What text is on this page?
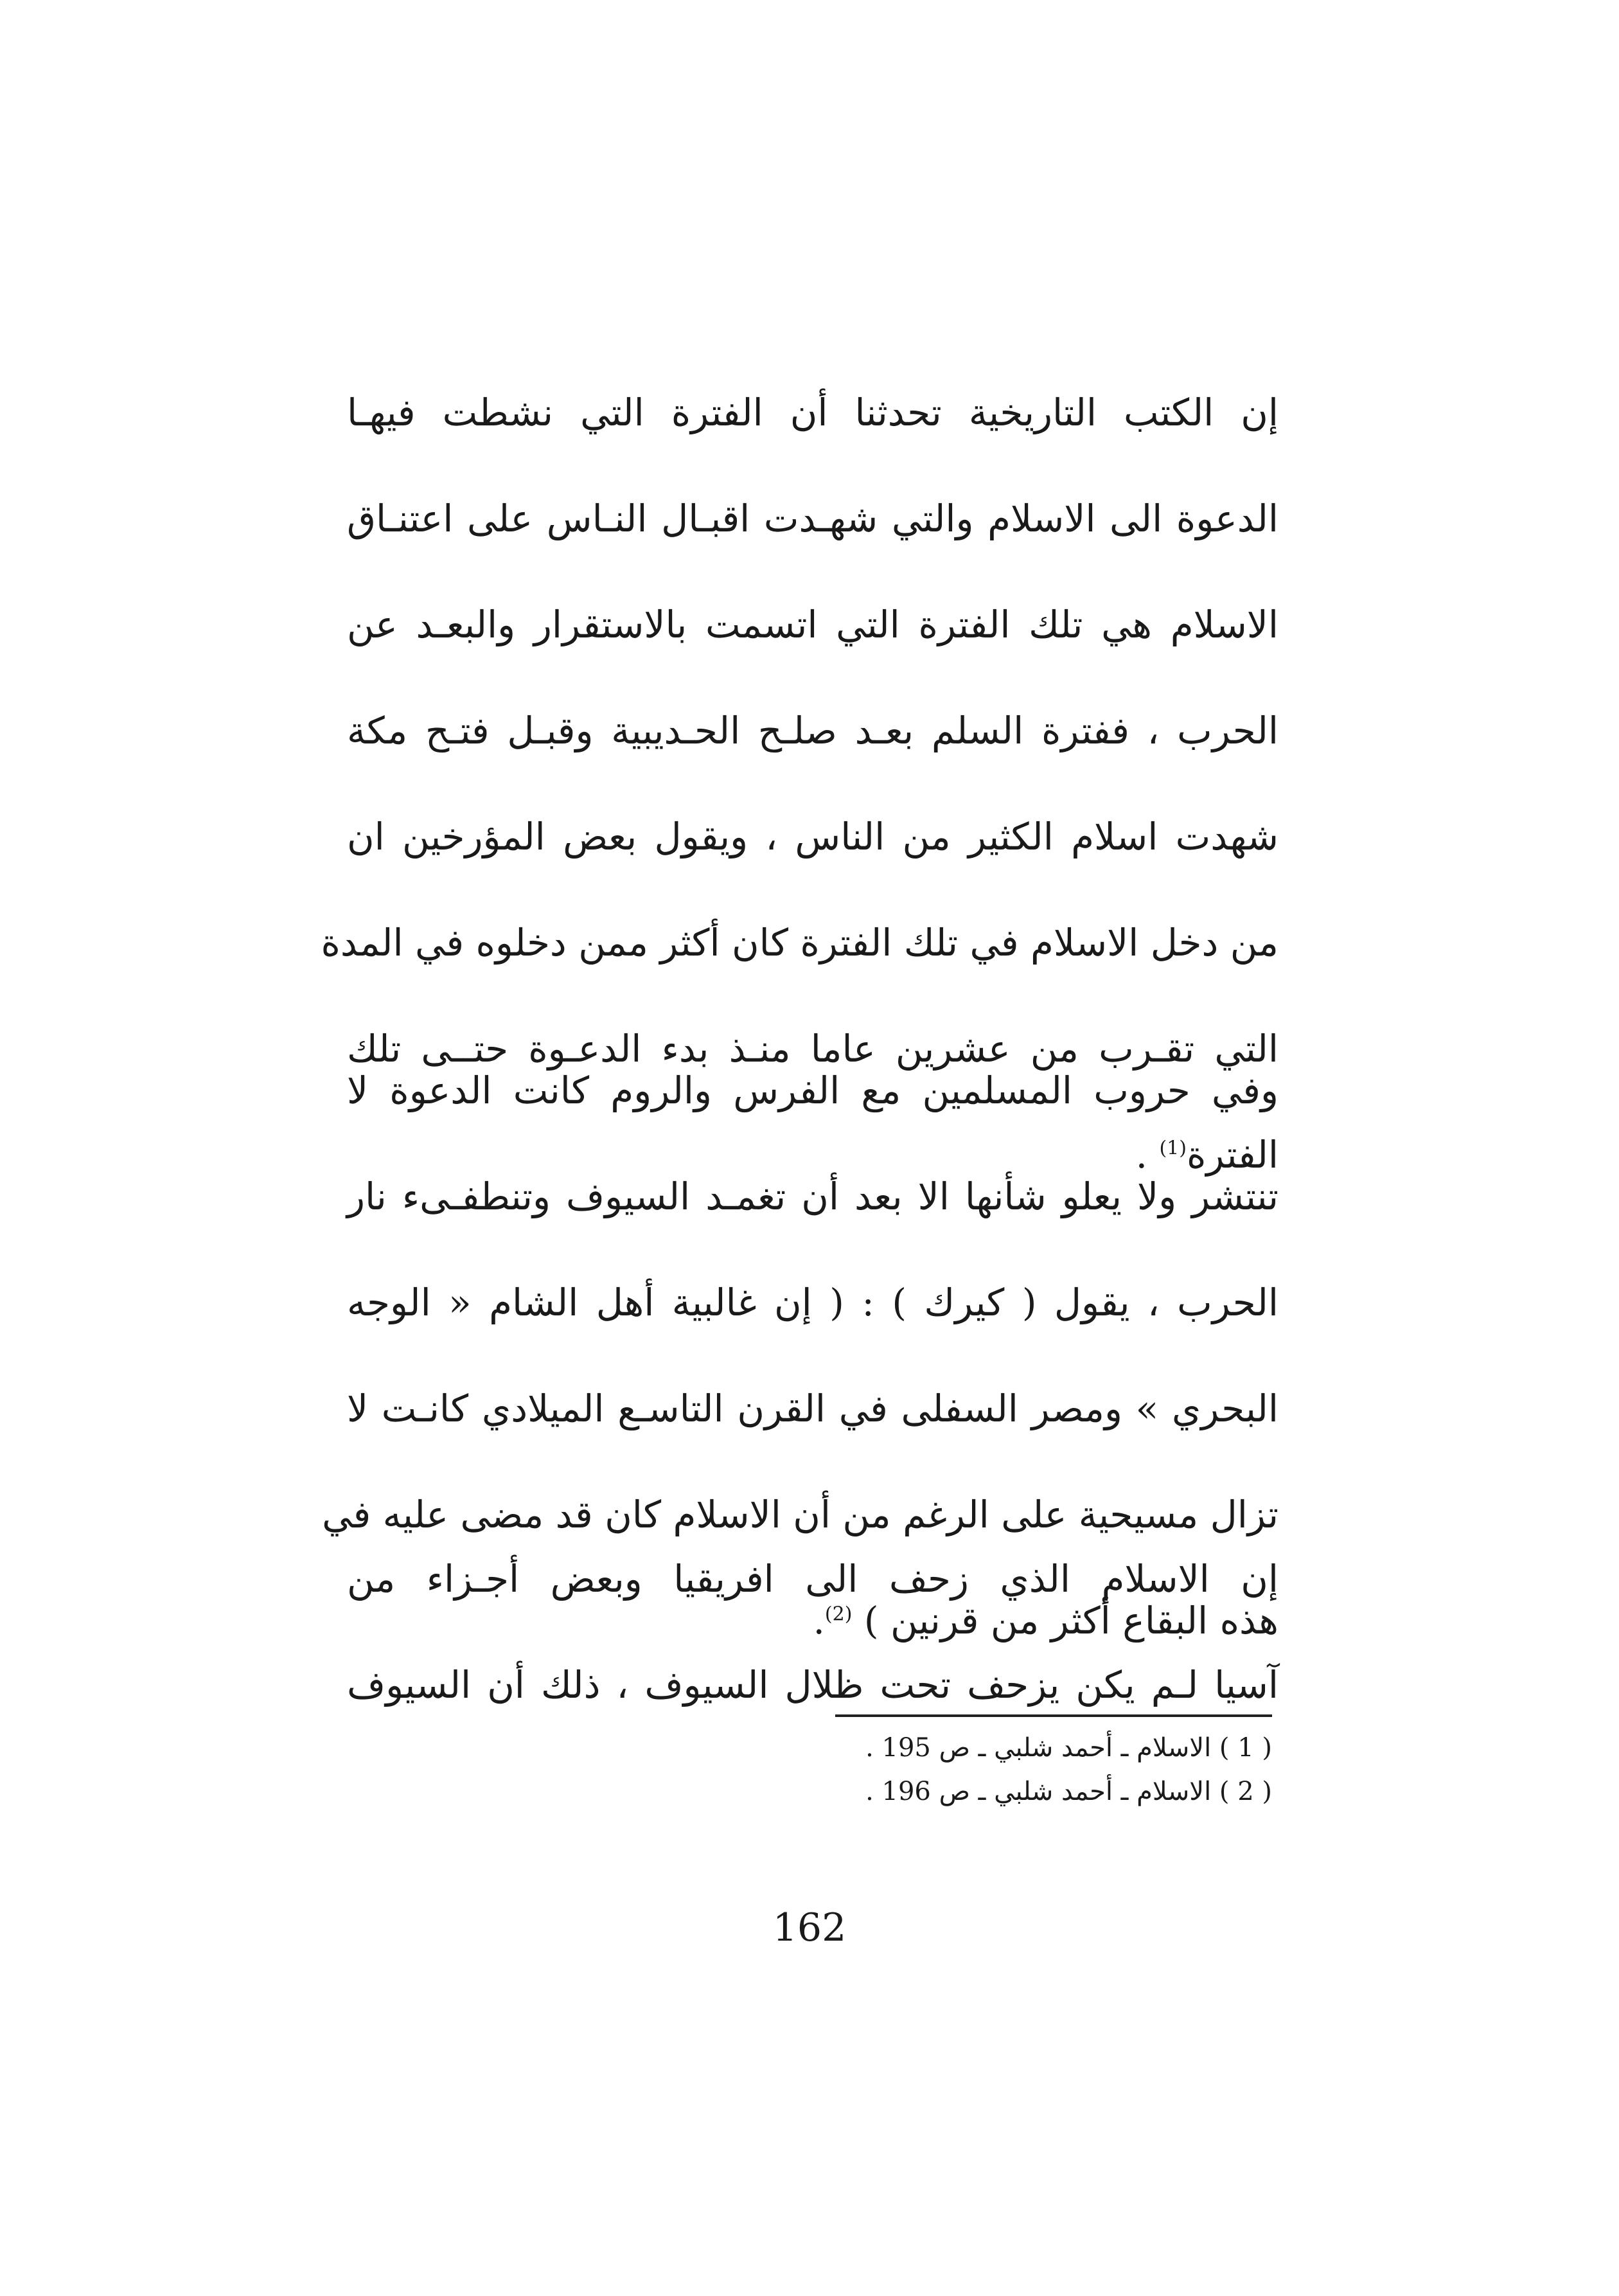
إن الكتب التاريخية تحدثنا أن الفترة التي نشطت فيهـا
الدعوة الى الاسلام والتي شهـدت اقبـال النـاس على اعتنـاق
الاسلام هي تلك الفترة التي اتسمت بالاستقرار والبعـد عن
الحرب ، ففترة السلم بعـد صلـح الحـديبية وقبـل فتـح مكة
شهدت اسلام الكثير من الناس ، ويقول بعض المؤرخين ان
من دخل الاسلام في تلك الفترة كان أكثر ممن دخلوه في المدة
التي تقـرب من عشرين عاما منـذ بدء الدعـوة حتــى تلك
الفترة$^{(1)}$ .
وفي حروب المسلمين مع الفرس والروم كانت الدعوة لا
تنتشر ولا يعلو شأنها الا بعد أن تغمـد السيوف وتنطفـىء نار
الحرب ، يقول ( كيرك ) : ( إن غالبية أهل الشام « الوجه
البحري » ومصر السفلى في القرن التاسـع الميلادي كانـت لا
تزال مسيحية على الرغم من أن الاسلام كان قد مضى عليه في
هذه البقاع أكثر من قرنين ) $^{(2)}$.
إن الاسلام الذي زحف الى افريقيا وبعض أجـزاء من
آسيا لـم يكن يزحف تحت ظلال السيوف ، ذلك أن السيوف
( 1 ) الاسلام ـ أحمد شلبي ـ ص 195 .
( 2 ) الاسلام ـ أحمد شلبي ـ ص 196 .
162
